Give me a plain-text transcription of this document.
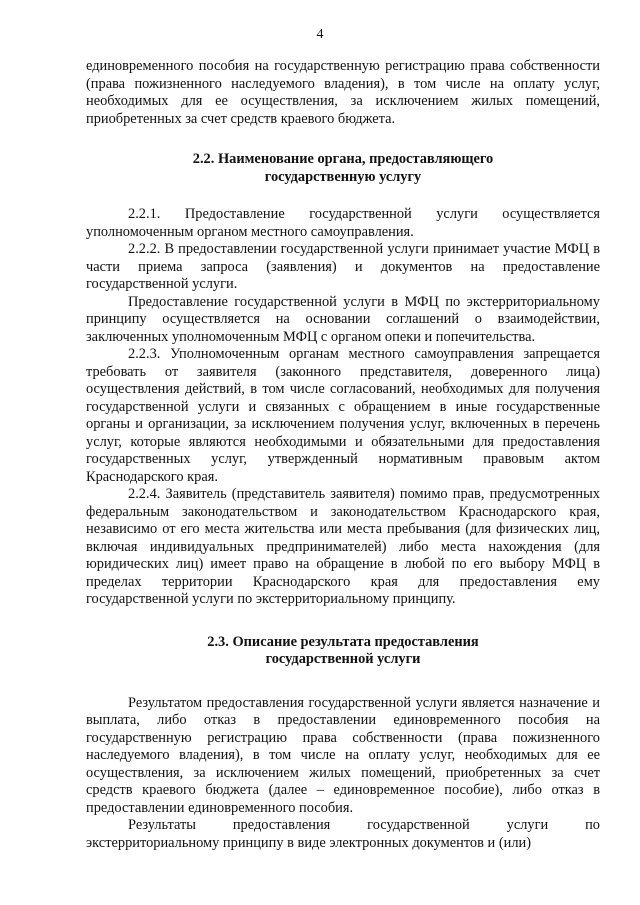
4

единовременного пособия на государственную регистрацию права собственности (права пожизненного наследуемого владения), в том числе на оплату услуг, необходимых для ее осуществления, за исключением жилых помещений, приобретенных за счет средств краевого бюджета.

2.2. Наименование органа, предоставляющего
государственную услугу

2.2.1. Предоставление государственной услуги осуществляется уполномоченным органом местного самоуправления.

2.2.2. В предоставлении государственной услуги принимает участие МФЦ в части приема запроса (заявления) и документов на предоставление государственной услуги.

Предоставление государственной услуги в МФЦ по экстерриториальному принципу осуществляется на основании соглашений о взаимодействии, заключенных уполномоченным МФЦ с органом опеки и попечительства.

2.2.3. Уполномоченным органам местного самоуправления запрещается требовать от заявителя (законного представителя, доверенного лица) осуществления действий, в том числе согласований, необходимых для получения государственной услуги и связанных с обращением в иные государственные органы и организации, за исключением получения услуг, включенных в перечень услуг, которые являются необходимыми и обязательными для предоставления государственных услуг, утвержденный нормативным правовым актом Краснодарского края.

2.2.4. Заявитель (представитель заявителя) помимо прав, предусмотренных федеральным законодательством и законодательством Краснодарского края, независимо от его места жительства или места пребывания (для физических лиц, включая индивидуальных предпринимателей) либо места нахождения (для юридических лиц) имеет право на обращение в любой по его выбору МФЦ в пределах территории Краснодарского края для предоставления ему государственной услуги по экстерриториальному принципу.

2.3. Описание результата предоставления
государственной услуги

Результатом предоставления государственной услуги является назначение и выплата, либо отказ в предоставлении единовременного пособия на государственную регистрацию права собственности (права пожизненного наследуемого владения), в том числе на оплату услуг, необходимых для ее осуществления, за исключением жилых помещений, приобретенных за счет средств краевого бюджета (далее – единовременное пособие), либо отказ в предоставлении единовременного пособия.

Результаты предоставления государственной услуги по экстерриториальному принципу в виде электронных документов и (или)
